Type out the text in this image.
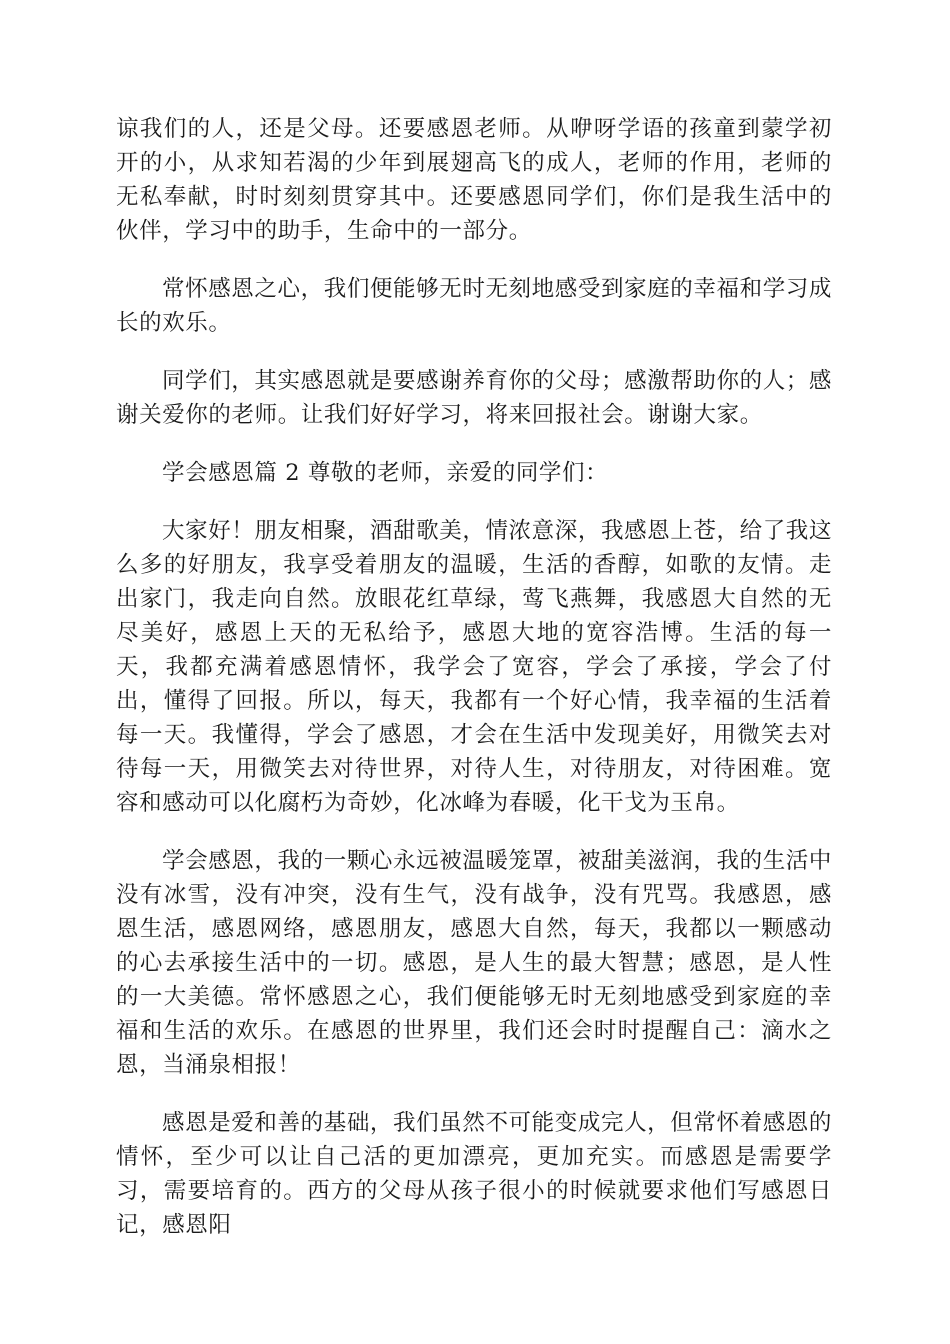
谅我们的人，还是父母。还要感恩老师。从咿呀学语的孩童到蒙学初开的小，从求知若渴的少年到展翅高飞的成人，老师的作用，老师的无私奉献，时时刻刻贯穿其中。还要感恩同学们，你们是我生活中的伙伴，学习中的助手，生命中的一部分。

常怀感恩之心，我们便能够无时无刻地感受到家庭的幸福和学习成长的欢乐。

同学们，其实感恩就是要感谢养育你的父母；感激帮助你的人；感谢关爱你的老师。让我们好好学习，将来回报社会。谢谢大家。

学会感恩篇 2 尊敬的老师，亲爱的同学们：

大家好！朋友相聚，酒甜歌美，情浓意深，我感恩上苍，给了我这么多的好朋友，我享受着朋友的温暖，生活的香醇，如歌的友情。走出家门，我走向自然。放眼花红草绿，莺飞燕舞，我感恩大自然的无尽美好，感恩上天的无私给予，感恩大地的宽容浩博。生活的每一天，我都充满着感恩情怀，我学会了宽容，学会了承接，学会了付出，懂得了回报。所以，每天，我都有一个好心情，我幸福的生活着每一天。我懂得，学会了感恩，才会在生活中发现美好，用微笑去对待每一天，用微笑去对待世界，对待人生，对待朋友，对待困难。宽容和感动可以化腐朽为奇妙，化冰峰为春暖，化干戈为玉帛。

学会感恩，我的一颗心永远被温暖笼罩，被甜美滋润，我的生活中没有冰雪，没有冲突，没有生气，没有战争，没有咒骂。我感恩，感恩生活，感恩网络，感恩朋友，感恩大自然，每天，我都以一颗感动的心去承接生活中的一切。感恩，是人生的最大智慧；感恩，是人性的一大美德。常怀感恩之心，我们便能够无时无刻地感受到家庭的幸福和生活的欢乐。在感恩的世界里，我们还会时时提醒自己：滴水之恩，当涌泉相报！

感恩是爱和善的基础，我们虽然不可能变成完人，但常怀着感恩的情怀，至少可以让自己活的更加漂亮，更加充实。而感恩是需要学习，需要培育的。西方的父母从孩子很小的时候就要求他们写感恩日记，感恩阳
